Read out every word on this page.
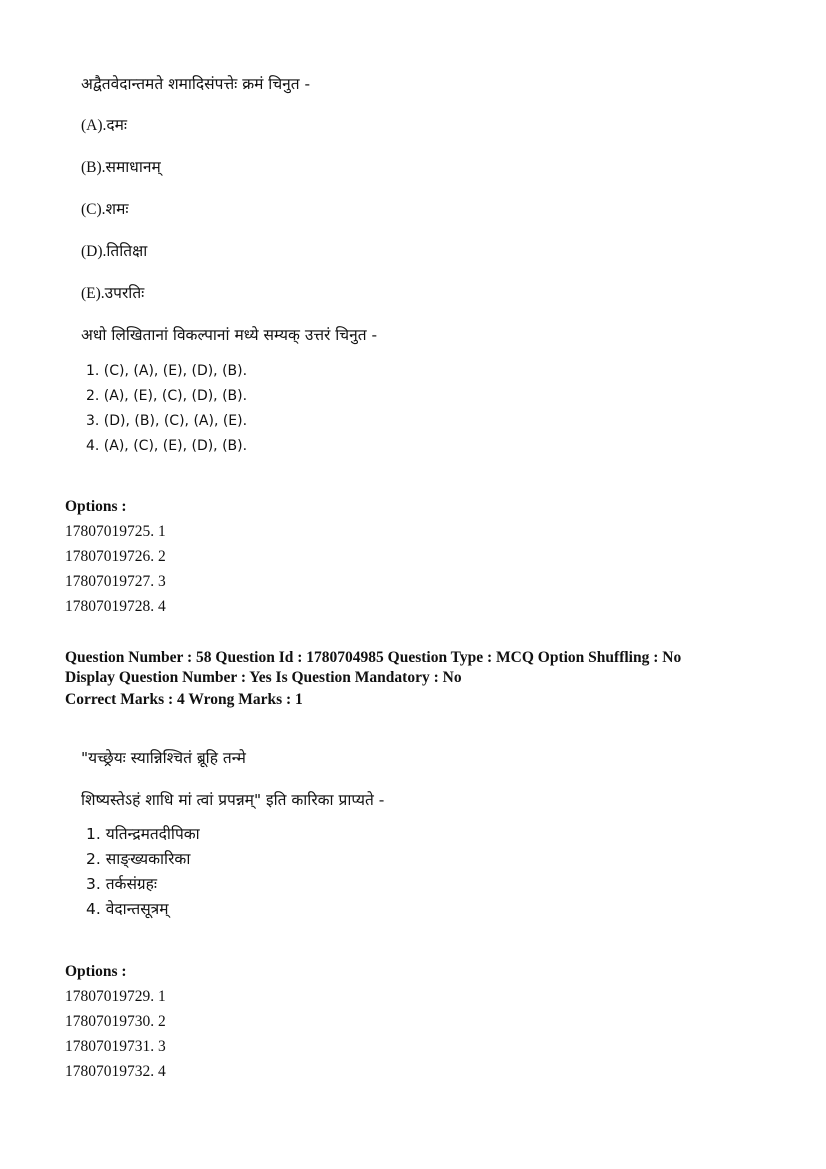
अद्वैतवेदान्तमते शमादिसंपत्तेः क्रमं चिनुत -

(A).दमः

(B).समाधानम्

(C).शमः

(D).तितिक्षा

(E).उपरतिः

अधो लिखितानां विकल्पानां मध्ये सम्यक् उत्तरं चिनुत -

1. (C), (A), (E), (D), (B).
2. (A), (E), (C), (D), (B).
3. (D), (B), (C), (A), (E).
4. (A), (C), (E), (D), (B).
Options :
17807019725. 1
17807019726. 2
17807019727. 3
17807019728. 4
Question Number : 58 Question Id : 1780704985 Question Type : MCQ Option Shuffling : No
Display Question Number : Yes Is Question Mandatory : No
Correct Marks : 4 Wrong Marks : 1

"यच्छ्रेयः स्यान्निश्चितं ब्रूहि तन्मे

शिष्यस्तेऽहं शाधि मां त्वां प्रपन्नम्" इति कारिका प्राप्यते -

1. यतिन्द्रमतदीपिका
2. साङ्ख्यकारिका
3. तर्कसंग्रहः
4. वेदान्तसूत्रम्
Options :
17807019729. 1
17807019730. 2
17807019731. 3
17807019732. 4
